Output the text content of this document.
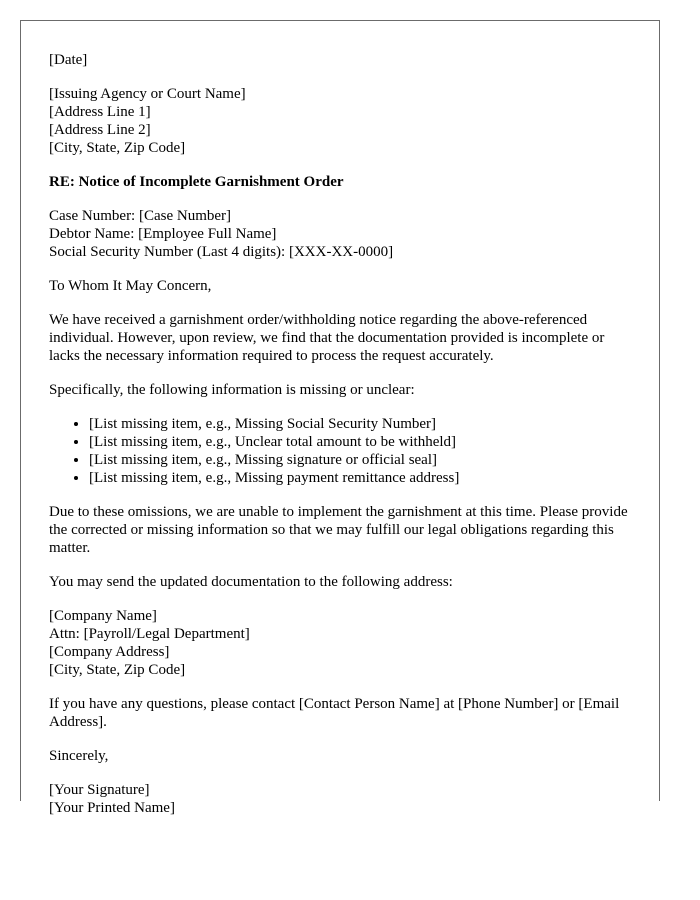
[Date]
[Issuing Agency or Court Name]
[Address Line 1]
[Address Line 2]
[City, State, Zip Code]
RE: Notice of Incomplete Garnishment Order
Case Number: [Case Number]
Debtor Name: [Employee Full Name]
Social Security Number (Last 4 digits): [XXX-XX-0000]

To Whom It May Concern,

We have received a garnishment order/withholding notice regarding the above-referenced individual. However, upon review, we find that the documentation provided is incomplete or lacks the necessary information required to process the request accurately.

Specifically, the following information is missing or unclear:

• [List missing item, e.g., Missing Social Security Number]
• [List missing item, e.g., Unclear total amount to be withheld]
• [List missing item, e.g., Missing signature or official seal]
• [List missing item, e.g., Missing payment remittance address]

Due to these omissions, we are unable to implement the garnishment at this time. Please provide the corrected or missing information so that we may fulfill our legal obligations regarding this matter.

You may send the updated documentation to the following address:

[Company Name]
Attn: [Payroll/Legal Department]
[Company Address]
[City, State, Zip Code]

If you have any questions, please contact [Contact Person Name] at [Phone Number] or [Email Address].

Sincerely,

[Your Signature]
[Your Printed Name]
